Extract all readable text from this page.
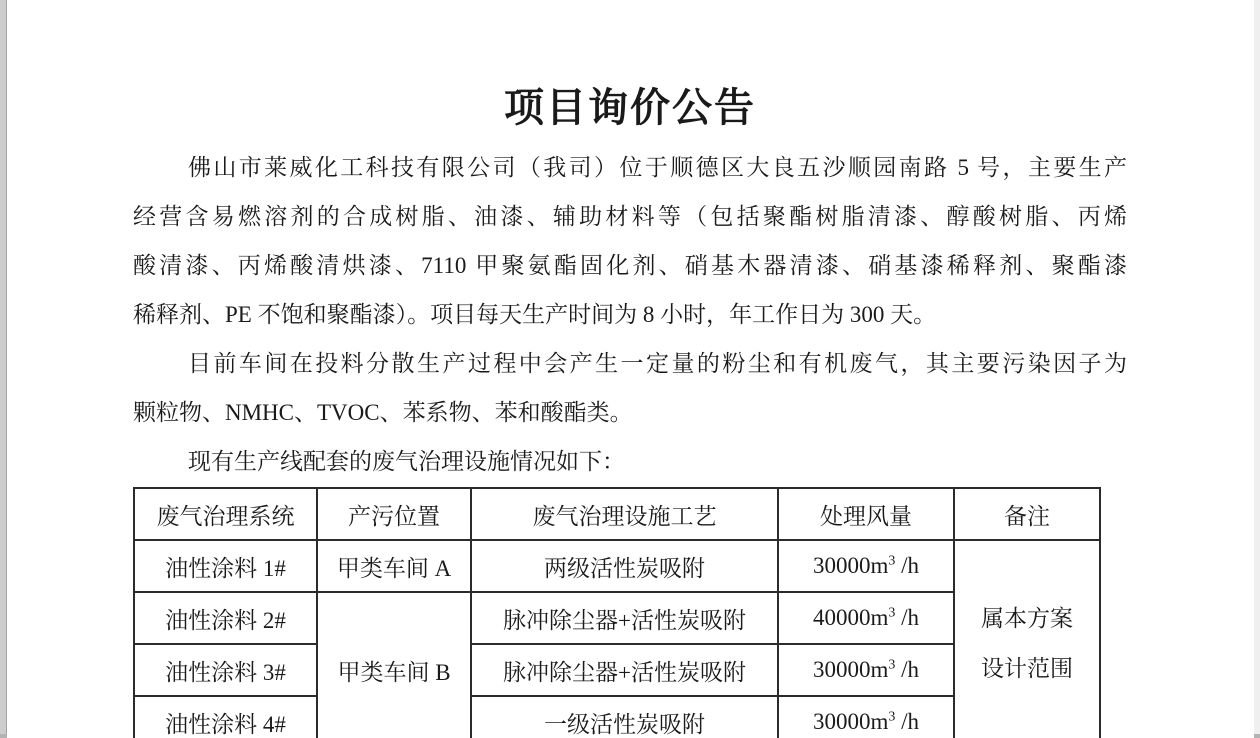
项目询价公告
佛山市莱威化工科技有限公司（我司）位于顺德区大良五沙顺园南路 5 号，主要生产
经营含易燃溶剂的合成树脂、油漆、辅助材料等（包括聚酯树脂清漆、醇酸树脂、丙烯
酸清漆、丙烯酸清烘漆、7110 甲聚氨酯固化剂、硝基木器清漆、硝基漆稀释剂、聚酯漆
稀释剂、PE 不饱和聚酯漆）。项目每天生产时间为 8 小时，年工作日为 300 天。
目前车间在投料分散生产过程中会产生一定量的粉尘和有机废气，其主要污染因子为
颗粒物、NMHC、TVOC、苯系物、苯和酸酯类。
现有生产线配套的废气治理设施情况如下：
废气治理系统	产污位置	废气治理设施工艺	处理风量	备注
油性涂料 1#	甲类车间 A	两级活性炭吸附	$30000m^3$ /h	属本方案
设计范围

油性涂料 2#	甲类车间 B	脉冲除尘器+活性炭吸附	$40000m^3$ /h	
油性涂料 3#		脉冲除尘器+活性炭吸附	$30000m^3$ /h	
油性涂料 4#		一级活性炭吸附	$30000m^3$ /h	
